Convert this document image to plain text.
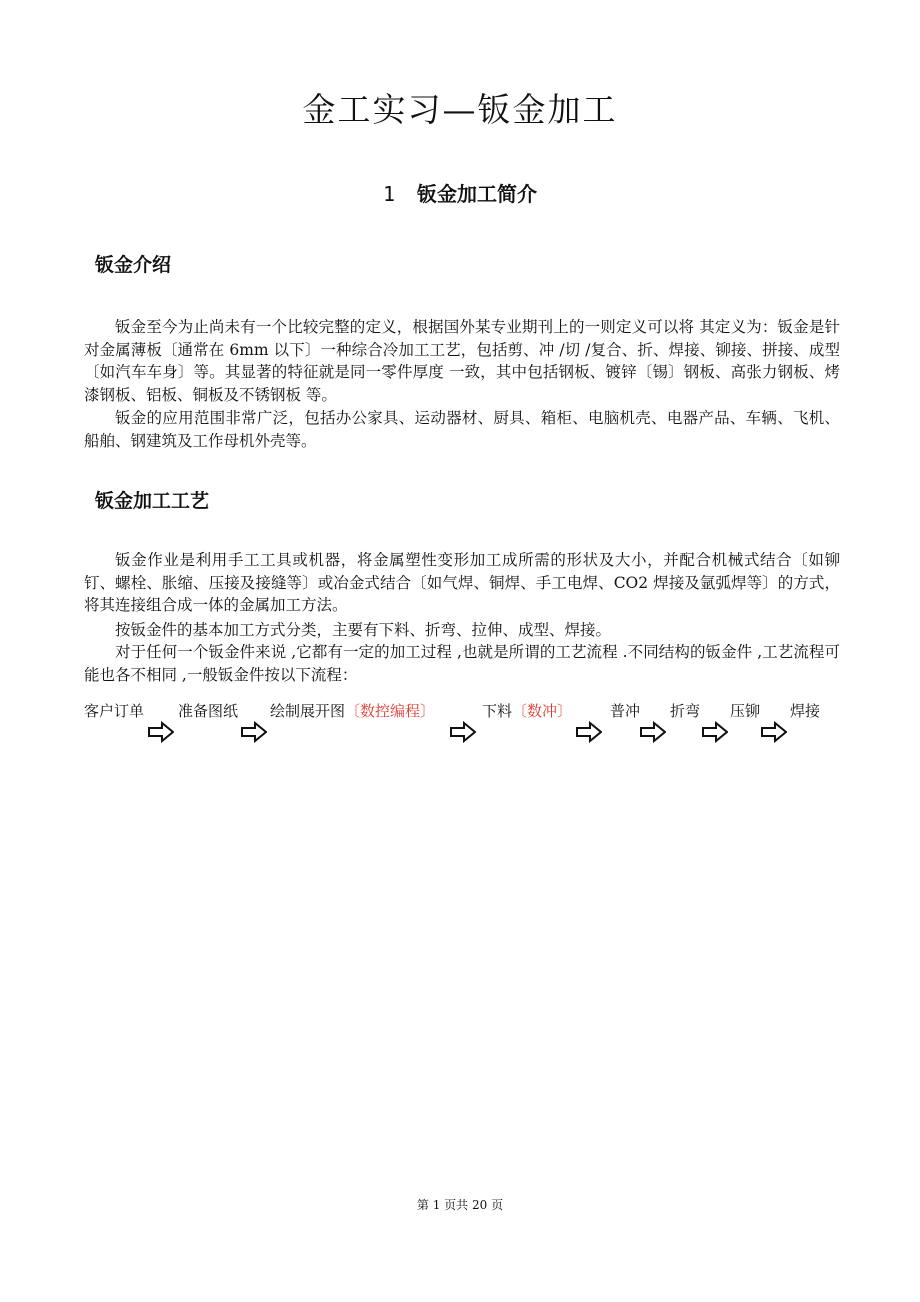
金工实习—钣金加工
1 钣金加工简介
钣金介绍

钣金至今为止尚未有一个比较完整的定义，根据国外某专业期刊上的一则定义可以将 其定义为：钣金是针对金属薄板〔通常在 6mm 以下〕一种综合冷加工工艺，包括剪、冲 /切 /复合、折、焊接、铆接、拼接、成型〔如汽车车身〕等。其显著的特征就是同一零件厚度 一致，其中包括钢板、镀锌〔锡〕钢板、高张力钢板、烤漆钢板、铝板、铜板及不锈钢板 等。

钣金的应用范围非常广泛，包括办公家具、运动器材、厨具、箱柜、电脑机壳、电器产品、车辆、飞机、船舶、钢建筑及工作母机外壳等。

钣金加工工艺

钣金作业是利用手工工具或机器，将金属塑性变形加工成所需的形状及大小，并配合机械式结合〔如铆钉、螺栓、胀缩、压接及接缝等〕或冶金式结合〔如气焊、铜焊、手工电焊、CO2 焊接及氩弧焊等〕的方式，将其连接组合成一体的金属加工方法。

按钣金件的基本加工方式分类，主要有下料、折弯、拉伸、成型、焊接。

对于任何一个钣金件来说 ,它都有一定的加工过程 ,也就是所谓的工艺流程 .不同结构的钣金件 ,工艺流程可能也各不相同 ,一般钣金件按以下流程：

客户订单 准备图纸 绘制展开图〔数控编程〕	下料〔数冲〕	普冲 折弯 压铆 焊接
第 1 页共 20 页
